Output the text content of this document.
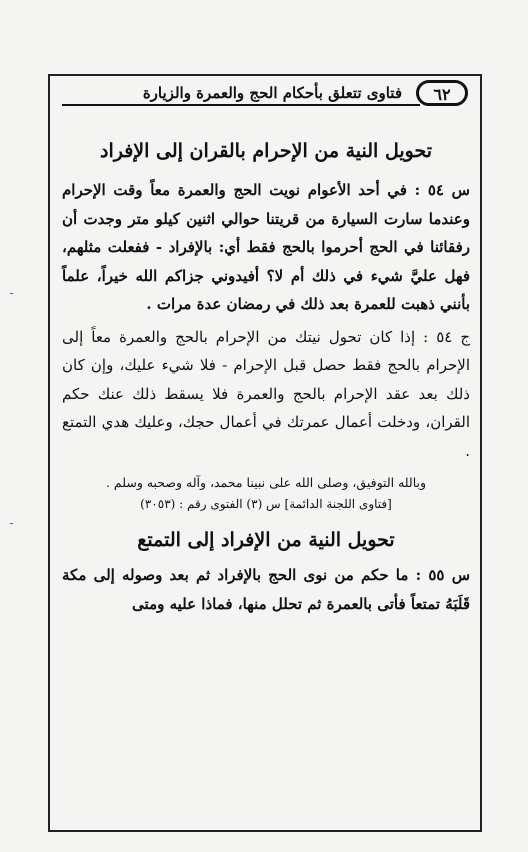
٦٢
فتاوى تتعلق بأحكام الحج والعمرة والزيارة
تحويل النية من الإحرام بالقران إلى الإفراد

س ٥٤ : في أحد الأعوام نويت الحج والعمرة معاً وقت الإحرام وعندما سارت السيارة من قريتنا حوالي اثنين كيلو متر وجدت أن رفقائنا في الحج أحرموا بالحج فقط أي: بالإفراد - ففعلت مثلهم، فهل عليَّ شيء في ذلك أم لا؟ أفيدوني جزاكم الله خيراً، علماً بأنني ذهبت للعمرة بعد ذلك في رمضان عدة مرات .

ج ٥٤ : إذا كان تحول نيتك من الإحرام بالحج والعمرة معاً إلى الإحرام بالحج فقط حصل قبل الإحرام - فلا شيء عليك، وإن كان ذلك بعد عقد الإحرام بالحج والعمرة فلا يسقط ذلك عنك حكم القران، ودخلت أعمال عمرتك في أعمال حجك، وعليك هدي التمتع .

وبالله التوفيق، وصلى الله على نبينا محمد، وآله وصحبه وسلم .
[فتاوى اللجنة الدائمة] س (٣) الفتوى رقم : (٣٠٥٣)
تحويل النية من الإفراد إلى التمتع

س ٥٥ : ما حكم من نوى الحج بالإفراد ثم بعد وصوله إلى مكة قَلَبَهُ تمتعاً فأتى بالعمرة ثم تحلل منها، فماذا عليه ومتى

ـ
ـ
